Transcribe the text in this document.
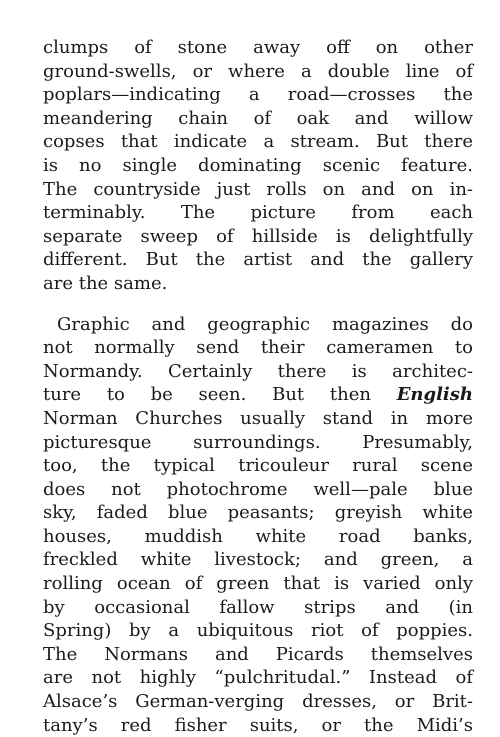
clumps of stone away off on other
ground-swells, or where a double line of
poplars—indicating a road—crosses the
meandering chain of oak and willow
copses that indicate a stream. But there
is no single dominating scenic feature.
The countryside just rolls on and on in-
terminably. The picture from each
separate sweep of hillside is delightfully
different. But the artist and the gallery
are the same.

Graphic and geographic magazines do
not normally send their cameramen to
Normandy. Certainly there is architec-
ture to be seen. But then English
Norman Churches usually stand in more
picturesque surroundings. Presumably,
too, the typical tricouleur rural scene
does not photochrome well—pale blue
sky, faded blue peasants; greyish white
houses, muddish white road banks,
freckled white livestock; and green, a
rolling ocean of green that is varied only
by occasional fallow strips and (in
Spring) by a ubiquitous riot of poppies.
The Normans and Picards themselves
are not highly “pulchritudal.” Instead of
Alsace’s German-verging dresses, or Brit-
tany’s red fisher suits, or the Midi’s
